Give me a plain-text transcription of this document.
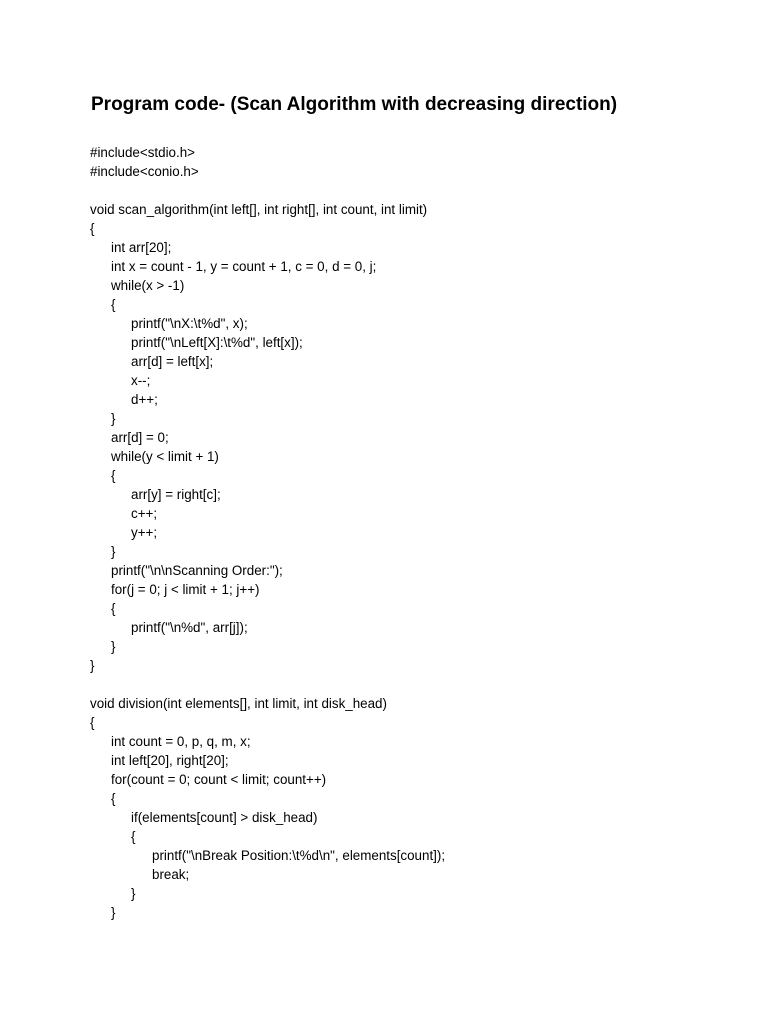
Program code- (Scan Algorithm with decreasing direction)
#include<stdio.h>
#include<conio.h>
void scan_algorithm(int left[], int right[], int count, int limit)
{
int arr[20];
int x = count - 1, y = count + 1, c = 0, d = 0, j;
while(x > -1)
{
printf("\nX:\t%d", x);
printf("\nLeft[X]:\t%d", left[x]);
arr[d] = left[x];
x--;
d++;
}
arr[d] = 0;
while(y < limit + 1)
{
arr[y] = right[c];
c++;
y++;
}
printf("\n\nScanning Order:");
for(j = 0; j < limit + 1; j++)
{
printf("\n%d", arr[j]);
}
}
void division(int elements[], int limit, int disk_head)
{
int count = 0, p, q, m, x;
int left[20], right[20];
for(count = 0; count < limit; count++)
{
if(elements[count] > disk_head)
{
printf("\nBreak Position:\t%d\n", elements[count]);
break;
}
}
